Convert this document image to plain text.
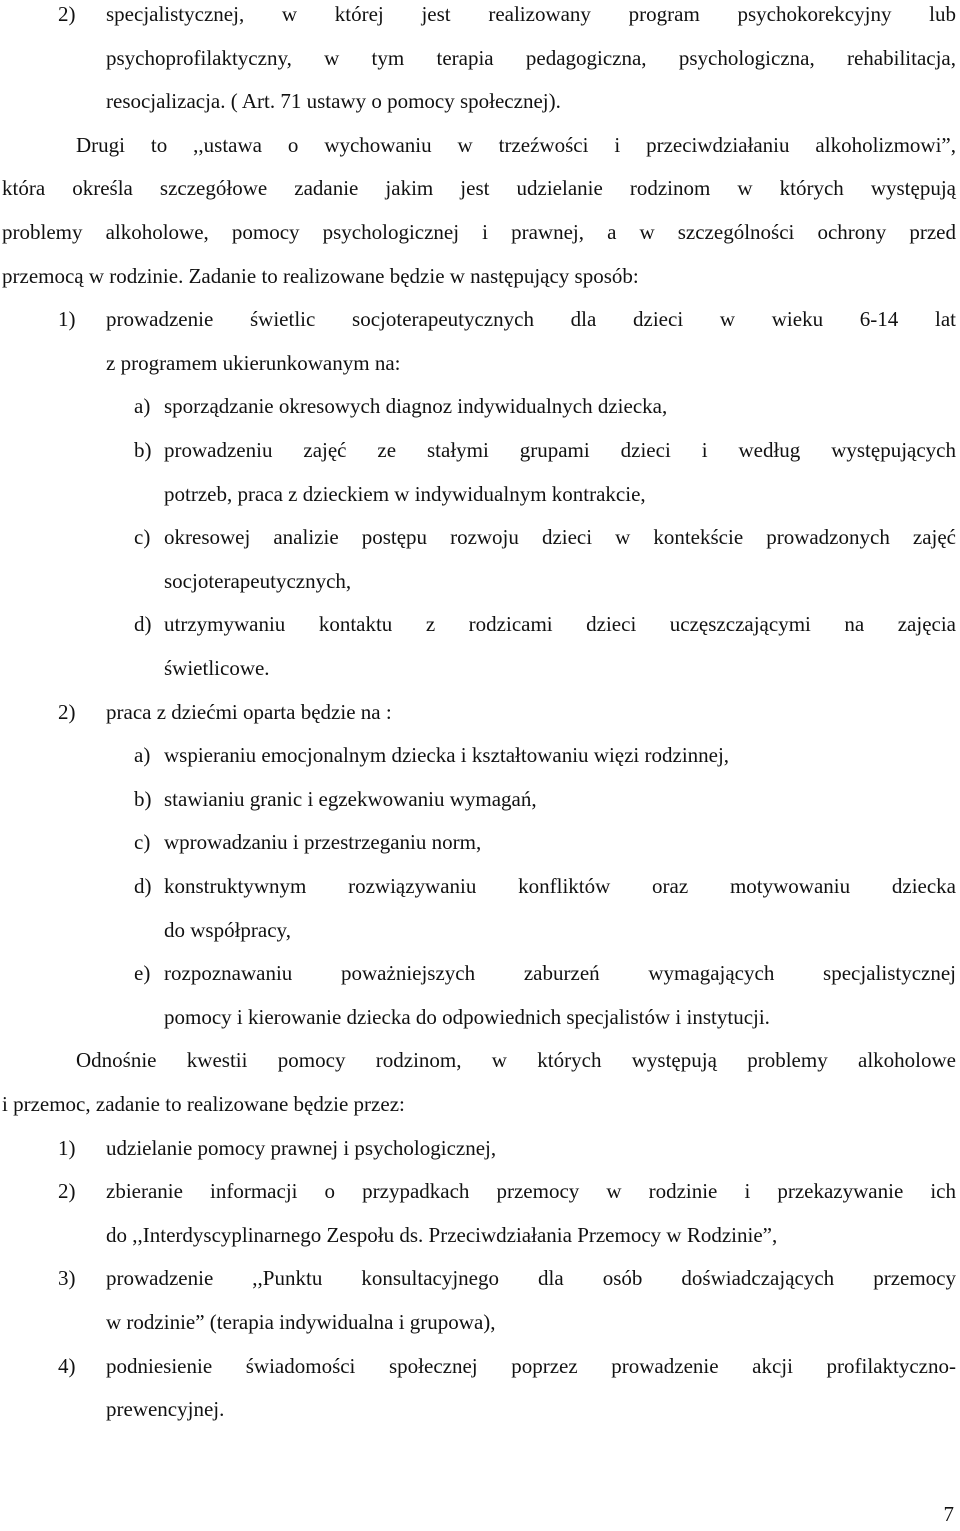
2) specjalistycznej, w której jest realizowany program psychokorekcyjny lub
psychoprofilaktyczny, w tym terapia pedagogiczna, psychologiczna, rehabilitacja,
resocjalizacja. ( Art. 71 ustawy o pomocy społecznej).
Drugi to ,,ustawa o wychowaniu w trzeźwości i przeciwdziałaniu alkoholizmowi”,
która określa szczegółowe zadanie jakim jest udzielanie rodzinom w których występują
problemy alkoholowe, pomocy psychologicznej i prawnej, a w szczególności ochrony przed
przemocą w rodzinie. Zadanie to realizowane będzie w następujący sposób:
1) prowadzenie świetlic socjoterapeutycznych dla dzieci w wieku 6-14 lat
z programem ukierunkowanym na:
a) sporządzanie okresowych diagnoz indywidualnych dziecka,
b) prowadzeniu zajęć ze stałymi grupami dzieci i według występujących
potrzeb, praca z dzieckiem w indywidualnym kontrakcie,
c) okresowej analizie postępu rozwoju dzieci w kontekście prowadzonych zajęć
socjoterapeutycznych,
d) utrzymywaniu kontaktu z rodzicami dzieci uczęszczającymi na zajęcia
świetlicowe.
2) praca z dziećmi oparta będzie na :
a) wspieraniu emocjonalnym dziecka i kształtowaniu więzi rodzinnej,
b) stawianiu granic i egzekwowaniu wymagań,
c) wprowadzaniu i przestrzeganiu norm,
d) konstruktywnym rozwiązywaniu konfliktów oraz motywowaniu dziecka
do współpracy,
e) rozpoznawaniu poważniejszych zaburzeń wymagających specjalistycznej
pomocy i kierowanie dziecka do odpowiednich specjalistów i instytucji.
Odnośnie kwestii pomocy rodzinom, w których występują problemy alkoholowe
i przemoc, zadanie to realizowane będzie przez:
1) udzielanie pomocy prawnej i psychologicznej,
2) zbieranie informacji o przypadkach przemocy w rodzinie i przekazywanie ich
do ,,Interdyscyplinarnego Zespołu ds. Przeciwdziałania Przemocy w Rodzinie”,
3) prowadzenie ,,Punktu konsultacyjnego dla osób doświadczających przemocy
w rodzinie” (terapia indywidualna i grupowa),
4) podniesienie świadomości społecznej poprzez prowadzenie akcji profilaktyczno-
prewencyjnej.
7
